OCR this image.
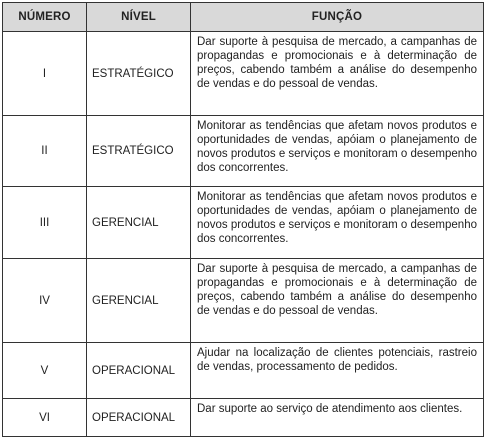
NÚMERO	NÍVEL	FUNÇÃO
I	ESTRATÉGICO	Dar suporte à pesquisa de mercado, a campanhas de propagandas e promocionais e à determinação de preços, cabendo também a análise do desempenho de vendas e do pessoal de vendas.
II	ESTRATÉGICO	Monitorar as tendências que afetam novos produtos e oportunidades de vendas, apóiam o planejamento de novos produtos e serviços e monitoram o desempenho dos concorrentes.
III	GERENCIAL	Monitorar as tendências que afetam novos produtos e oportunidades de vendas, apóiam o planejamento de novos produtos e serviços e monitoram o desempenho dos concorrentes.
IV	GERENCIAL	Dar suporte à pesquisa de mercado, a campanhas de propagandas e promocionais e à determinação de preços, cabendo também a análise do desempenho de vendas e do pessoal de vendas.
V	OPERACIONAL	Ajudar na localização de clientes potenciais, rastreio de vendas, processamento de pedidos.
VI	OPERACIONAL	Dar suporte ao serviço de atendimento aos clientes.
